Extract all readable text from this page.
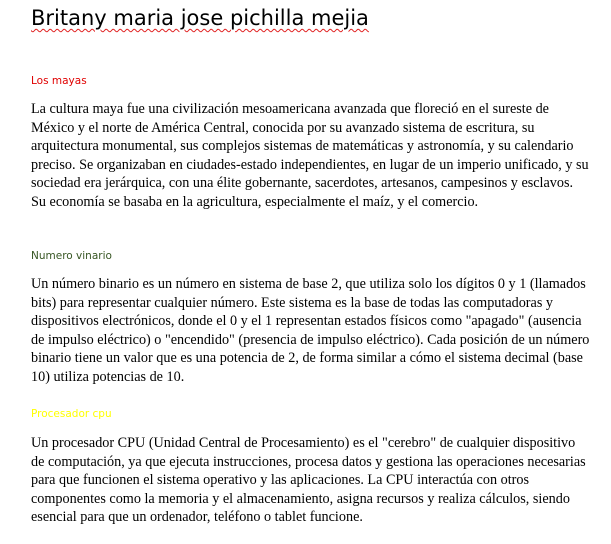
Britany maria jose pichilla mejia
Los mayas

La cultura maya fue una civilización mesoamericana avanzada que floreció en el sureste de México y el norte de América Central, conocida por su avanzado sistema de escritura, su arquitectura monumental, sus complejos sistemas de matemáticas y astronomía, y su calendario preciso. Se organizaban en ciudades-estado independientes, en lugar de un imperio unificado, y su sociedad era jerárquica, con una élite gobernante, sacerdotes, artesanos, campesinos y esclavos. Su economía se basaba en la agricultura, especialmente el maíz, y el comercio.

Numero vinario

Un número binario es un número en sistema de base 2, que utiliza solo los dígitos 0 y 1 (llamados bits) para representar cualquier número. Este sistema es la base de todas las computadoras y dispositivos electrónicos, donde el 0 y el 1 representan estados físicos como "apagado" (ausencia de impulso eléctrico) o "encendido" (presencia de impulso eléctrico). Cada posición de un número binario tiene un valor que es una potencia de 2, de forma similar a cómo el sistema decimal (base 10) utiliza potencias de 10.

Procesador cpu

Un procesador CPU (Unidad Central de Procesamiento) es el "cerebro" de cualquier dispositivo de computación, ya que ejecuta instrucciones, procesa datos y gestiona las operaciones necesarias para que funcionen el sistema operativo y las aplicaciones. La CPU interactúa con otros componentes como la memoria y el almacenamiento, asigna recursos y realiza cálculos, siendo esencial para que un ordenador, teléfono o tablet funcione.
